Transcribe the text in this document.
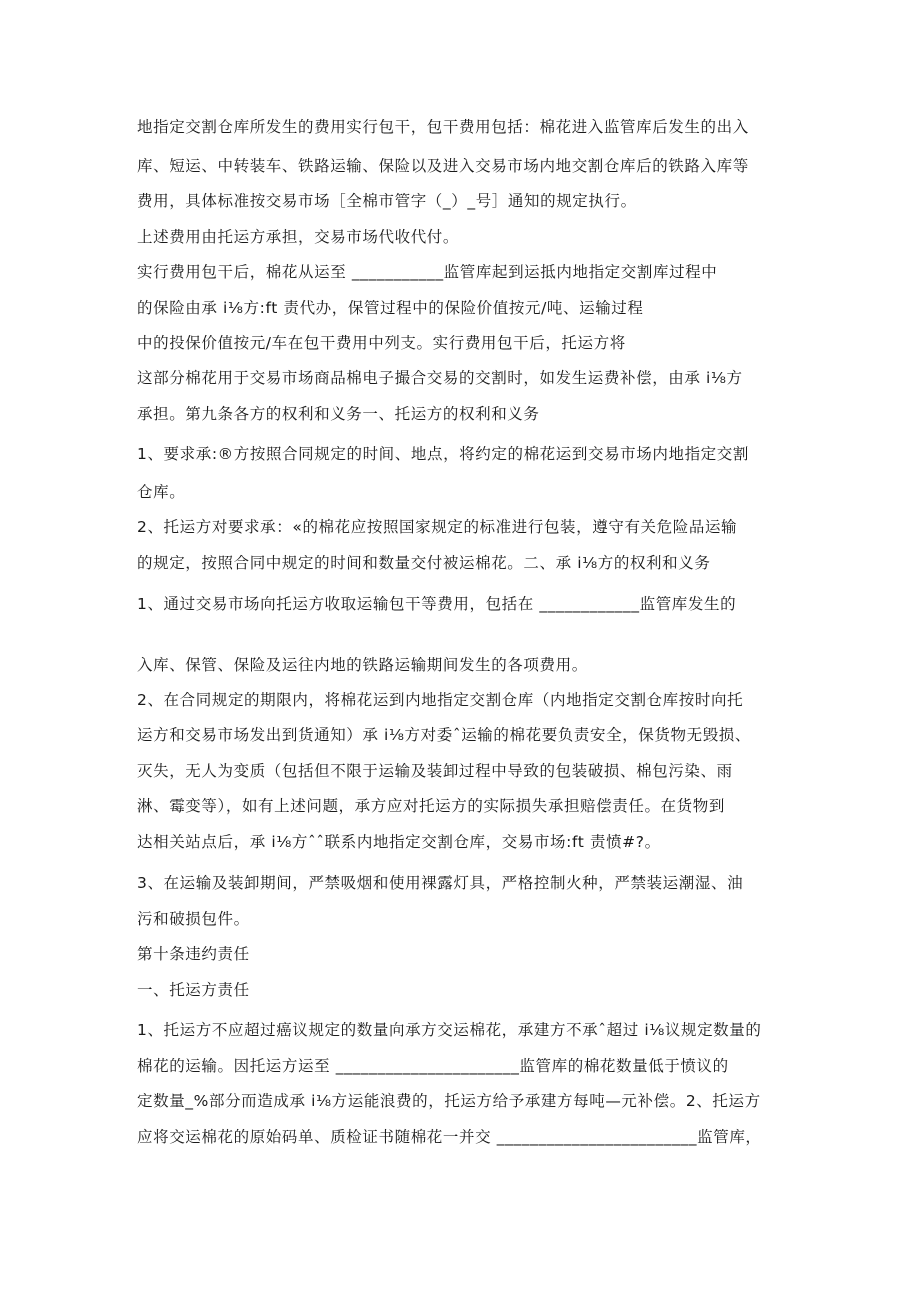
地指定交割仓库所发生的费用实行包干，包干费用包括：棉花进入监管库后发生的出入
库、短运、中转装车、铁路运输、保险以及进入交易市场内地交割仓库后的铁路入库等
费用，具体标准按交易市场［全棉市管字（_）_号］通知的规定执行。
上述费用由托运方承担，交易市场代收代付。
实行费用包干后，棉花从运至 ___________监管库起到运抵内地指定交割库过程中
的保险由承 i⅛方:ft 责代办，保管过程中的保险价值按元/吨、运输过程
中的投保价值按元/车在包干费用中列支。实行费用包干后，托运方将
这部分棉花用于交易市场商品棉电子撮合交易的交割时，如发生运费补偿，由承 i⅛方
承担。第九条各方的权利和义务一、托运方的权利和义务
1、要求承:®方按照合同规定的时间、地点，将约定的棉花运到交易市场内地指定交割
仓库。
2、托运方对要求承：«的棉花应按照国家规定的标准进行包装，遵守有关危险品运输
的规定，按照合同中规定的时间和数量交付被运棉花。二、承 i⅛方的权利和义务
1、通过交易市场向托运方收取运输包干等费用，包括在 ____________监管库发生的
入库、保管、保险及运往内地的铁路运输期间发生的各项费用。
2、在合同规定的期限内，将棉花运到内地指定交割仓库（内地指定交割仓库按时向托
运方和交易市场发出到货通知）承 i⅛方对委ˆ运输的棉花要负责安全，保货物无毁损、
灭失，无人为变质（包括但不限于运输及装卸过程中导致的包装破损、棉包污染、雨
淋、霉变等），如有上述问题，承方应对托运方的实际损失承担赔偿责任。在货物到
达相关站点后，承 i⅛方ˆˆ联系内地指定交割仓库，交易市场:ft 责愤#?。
3、在运输及装卸期间，严禁吸烟和使用裸露灯具，严格控制火种，严禁装运潮湿、油
污和破损包件。
第十条违约责任
一、托运方责任
1、托运方不应超过癌议规定的数量向承方交运棉花，承建方不承ˆ超过 i⅛议规定数量的
棉花的运输。因托运方运至 ______________________监管库的棉花数量低于愤议的
定数量_%部分而造成承 i⅛方运能浪费的，托运方给予承建方每吨—元补偿。2、托运方
应将交运棉花的原始码单、质检证书随棉花一并交 ________________________监管库，
